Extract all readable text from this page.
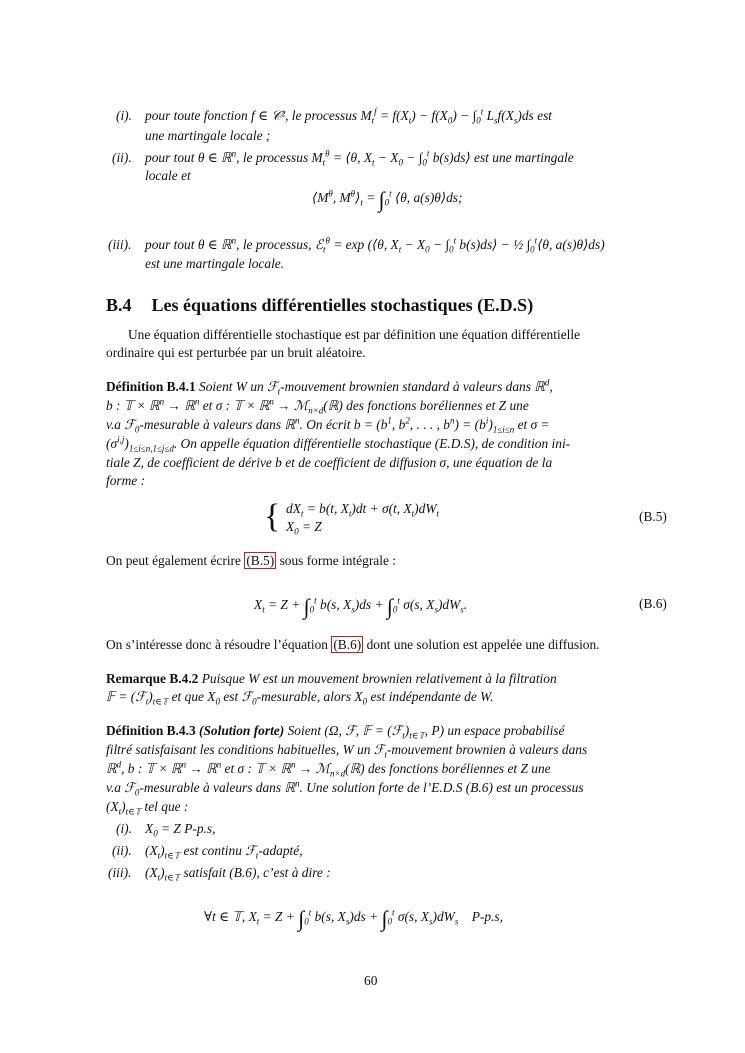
(i). pour toute fonction f ∈ 𝒞², le processus $M_t^f = f(X_t) - f(X_0) - \int_0^t$ $L_sf(X_s)ds$ est
une martingale locale ;
(ii). pour tout θ ∈ ℝ$^n$, le processus $M_t^\theta$ = ⟨θ, $X_t - X_0 - \int_0^t$ b(s)ds⟩ est une martingale
locale et
$⟨M^\theta$, $M^\theta⟩_t = \int_0^t$ ⟨θ, a(s)θ⟩ds;
(iii). pour tout θ ∈ ℝ$^n$, le processus, ℰ$_t^\theta$ = exp (⟨θ, $X_t - X_0 - \int_0^t$ b(s)ds⟩ − ½ $\int_0^t⟨\theta$, a(s)θ⟩ds)
est une martingale locale.
B.4 Les équations différentielles stochastiques (E.D.S)
Une équation différentielle stochastique est par définition une équation différentielle
ordinaire qui est perturbée par un bruit aléatoire.
Définition B.4.1 Soient W un ℱ$_t$-mouvement brownien standard à valeurs dans ℝ$^d$,
b : 𝕋 × ℝ$^n$ → ℝ$^n$ et σ : 𝕋 × ℝ$^n$ → ℳ$_{n\times d}$(ℝ) des fonctions boréliennes et Z une
v.a ℱ$_0$-mesurable à valeurs dans ℝ$^n$. On écrit $b = (b^1$, $b^2$, . . . , $b^n) = (b^i)_{1\le i\le n}$ et σ =
$(\sigma^{i,j})_{1\le i\le n,1\le j\le d}$. On appelle équation différentielle stochastique (E.D.S), de condition ini-
tiale Z, de coefficient de dérive b et de coefficient de diffusion σ, une équation de la
forme :
{ $dX_t = b(t$, $X_t)dt + \sigma(t$, $X_t)dW_t$
$X_0 = Z$
(B.5)
On peut également écrire (B.5) sous forme intégrale :
$X_t = Z + \int_0^t$ b(s, $X_s)ds + \int_0^t$ σ(s, $X_s)dW_s$.	(B.6)
On s’intéresse donc à résoudre l’équation (B.6) dont une solution est appelée une diffusion.
Remarque B.4.2 Puisque W est un mouvement brownien relativement à la filtration
𝔽 = $(ℱ_t)_{t\in 𝕋}$ et que $X_0$ est ℱ$_0$-mesurable, alors $X_0$ est indépendante de W.
Définition B.4.3 (Solution forte) Soient (Ω, ℱ, 𝔽 = $(ℱ_t)_{t\in 𝕋}$, P) un espace probabilisé
filtré satisfaisant les conditions habituelles, W un ℱ$_t$-mouvement brownien à valeurs dans
ℝ$^d$, b : 𝕋 × ℝ$^n$ → ℝ$^n$ et σ : 𝕋 × ℝ$^n$ → ℳ$_{n\times d}$(ℝ) des fonctions boréliennes et Z une
v.a ℱ$_0$-mesurable à valeurs dans ℝ$^n$. Une solution forte de l’E.D.S (B.6) est un processus
$(X_t)_{t\in 𝕋}$ tel que :
(i). $X_0 = Z$ P-p.s,
(ii). $(X_t)_{t\in 𝕋}$ est continu ℱ$_t$-adapté,
(iii). $(X_t)_{t\in 𝕋}$ satisfait (B.6), c’est à dire :
∀t ∈ 𝕋, $X_t = Z + \int_0^t$ b(s, $X_s)ds + \int_0^t$ σ(s, $X_s)dW_s$    P-p.s,
60
